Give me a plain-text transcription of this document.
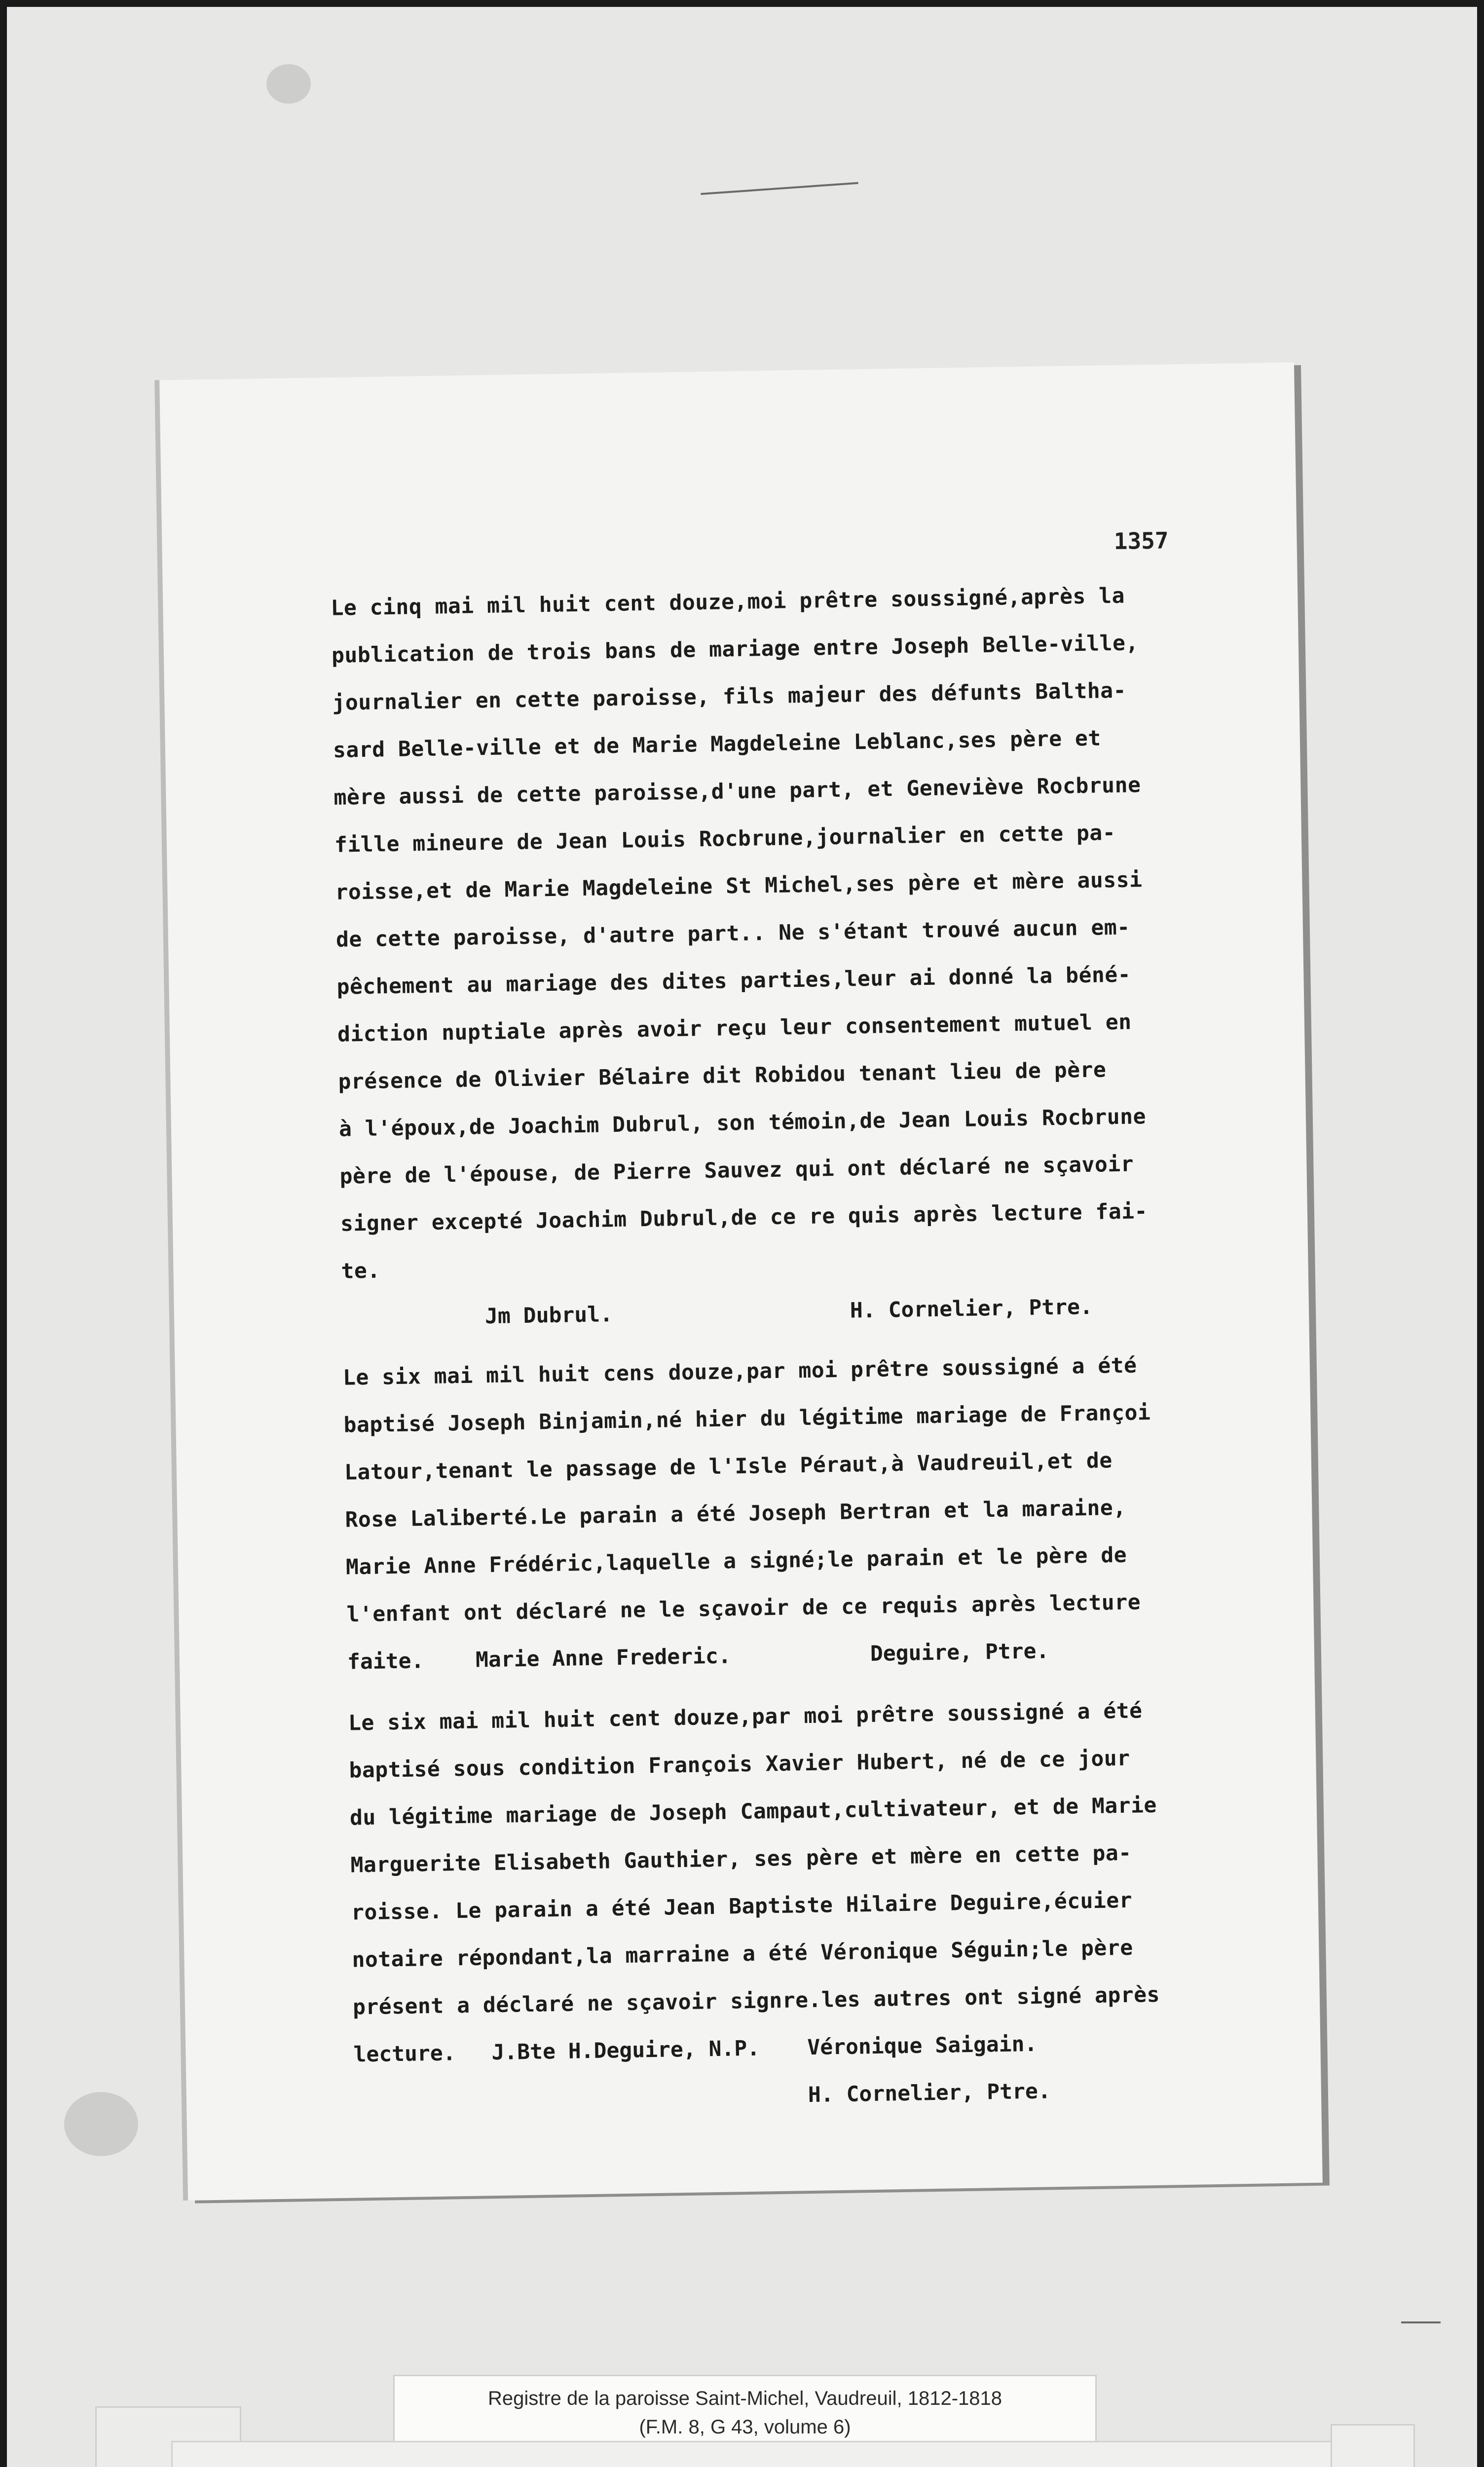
1357
Le cinq mai mil huit cent douze,moi prêtre soussigné,après la
publication de trois bans de mariage entre Joseph Belle-ville,
journalier en cette paroisse, fils majeur des défunts Baltha-
sard Belle-ville et de Marie Magdeleine Leblanc,ses père et
mère aussi de cette paroisse,d'une part, et Geneviève Rocbrune
fille mineure de Jean Louis Rocbrune,journalier en cette pa-
roisse,et de Marie Magdeleine St Michel,ses père et mère aussi
de cette paroisse, d'autre part.. Ne s'étant trouvé aucun em-
pêchement au mariage des dites parties,leur ai donné la béné-
diction nuptiale après avoir reçu leur consentement mutuel en
présence de Olivier Bélaire dit Robidou tenant lieu de père
à l'époux,de Joachim Dubrul, son témoin,de Jean Louis Rocbrune
père de l'épouse, de Pierre Sauvez qui ont déclaré ne sçavoir
signer excepté Joachim Dubrul,de ce re quis après lecture fai-
te.
Jm Dubrul.	H. Cornelier, Ptre.
Le six mai mil huit cens douze,par moi prêtre soussigné a été
baptisé Joseph Binjamin,né hier du légitime mariage de Françoi
Latour,tenant le passage de l'Isle Péraut,à Vaudreuil,et de
Rose Laliberté.Le parain a été Joseph Bertran et la maraine,
Marie Anne Frédéric,laquelle a signé;le parain et le père de
l'enfant ont déclaré ne le sçavoir de ce requis après lecture
faite. Marie Anne Frederic.	Deguire, Ptre.
Le six mai mil huit cent douze,par moi prêtre soussigné a été
baptisé sous condition François Xavier Hubert, né de ce jour
du légitime mariage de Joseph Campaut,cultivateur, et de Marie
Marguerite Elisabeth Gauthier, ses père et mère en cette pa-
roisse. Le parain a été Jean Baptiste Hilaire Deguire,écuier
notaire répondant,la marraine a été Véronique Séguin;le père
présent a déclaré ne sçavoir signre.les autres ont signé après
lecture. J.Bte H.Deguire, N.P. Véronique Saigain.
H. Cornelier, Ptre.
Registre de la paroisse Saint-Michel, Vaudreuil, 1812-1818
(F.M. 8, G 43, volume 6)
